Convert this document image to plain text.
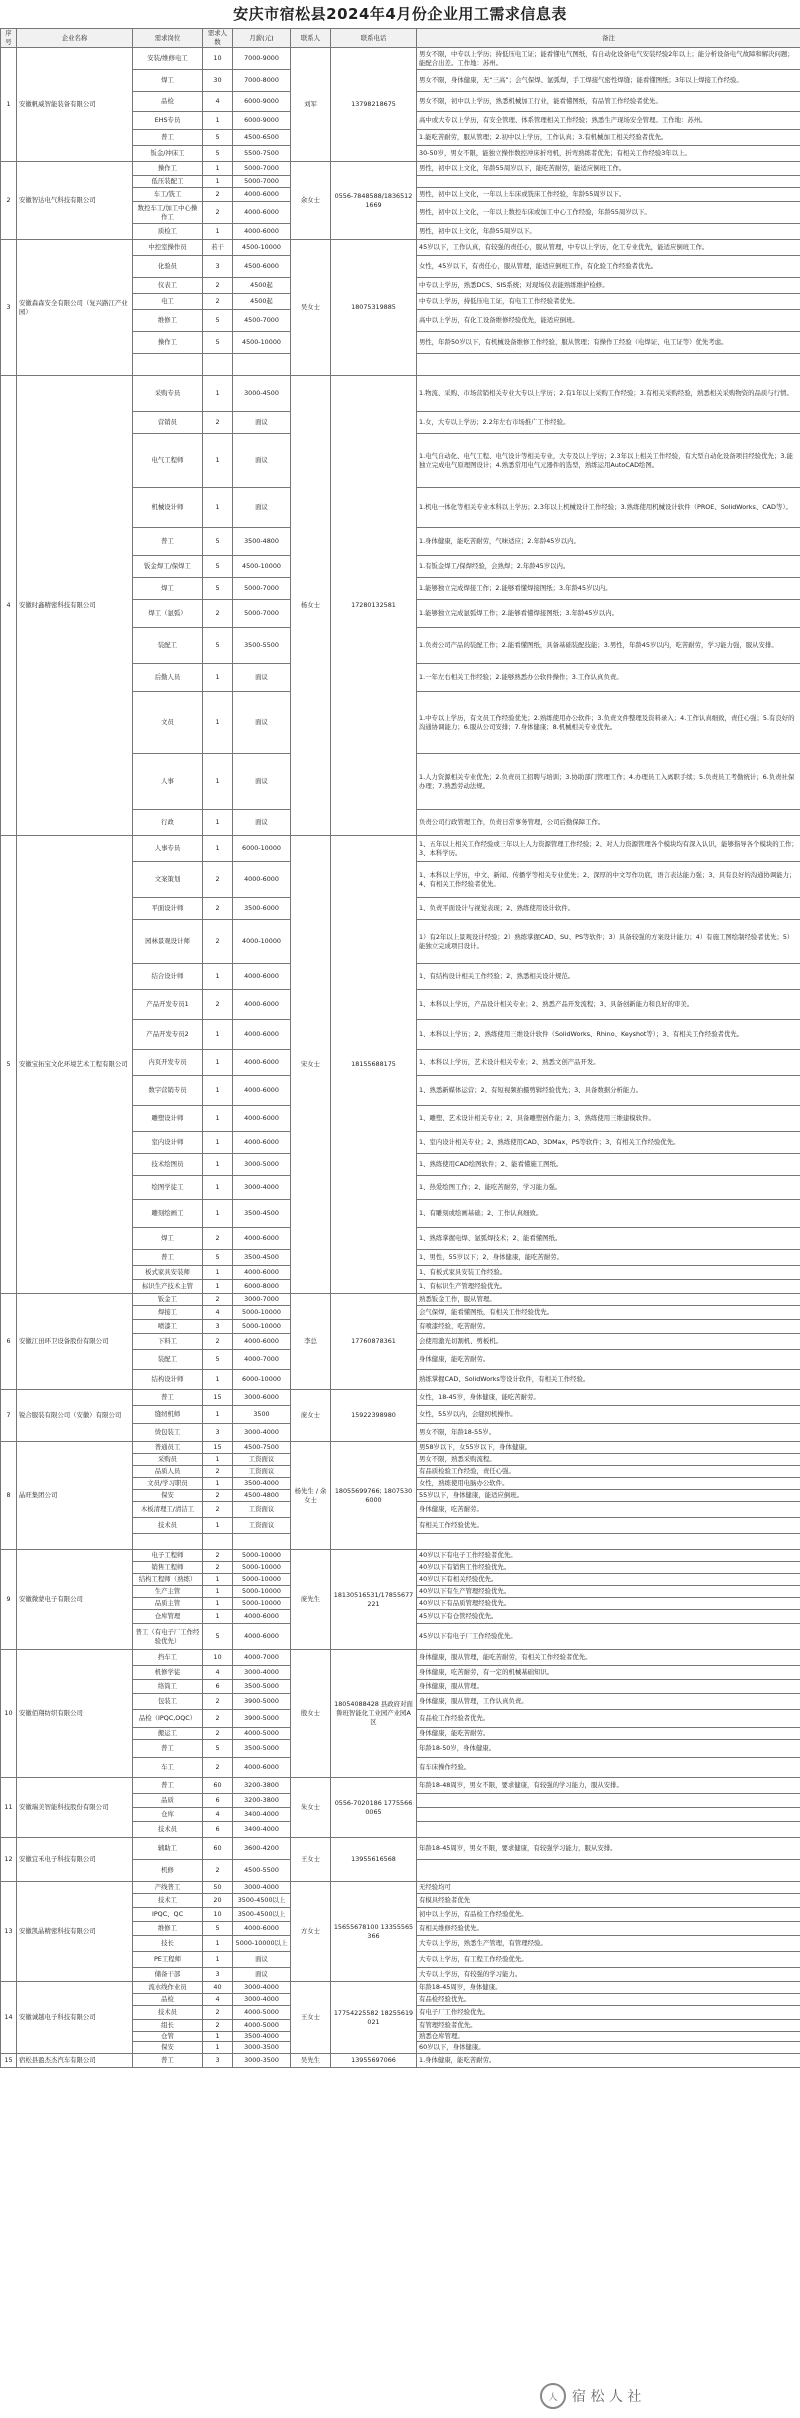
安庆市宿松县2024年4月份企业用工需求信息表
序号	企业名称	需求岗位	需求人数	月薪(元)	联系人	联系电话	备注
1	安徽帆威智能装备有限公司	安装/维修电工	10	7000-9000	刘军	13798218675	男女不限，中专以上学历；持低压电工证；能看懂电气图纸，有自动化设备电气安装经验2年以上；能分析设备电气故障和解决问题；能配合出差。工作地：苏州。
		焊工	30	7000-8000			男女不限，身体健康，无“三高”；会气保焊、氩弧焊，手工焊接气密性焊缝；能看懂图纸；3年以上焊接工作经验。
		品检	4	6000-9000			男女不限，初中以上学历，熟悉机械加工行业，能看懂图纸，有品管工作经验者优先。
		EHS专员	1	6000-9000			高中或大专以上学历，有安全管理、体系管理相关工作经验；熟悉生产现场安全管理。工作地：苏州。
		普工	5	4500-6500			1.能吃苦耐劳，服从管理；2.初中以上学历，工作认真；3.有机械加工相关经验者优先。
		钣金/冲床工	5	5500-7500			30-50岁，男女不限，能独立操作数控冲床折弯机，折弯熟练者优先；有相关工作经验3年以上。
2	安徽智达电气科技有限公司	操作工	1	5000-7000	余女士	0556-7848588/18365121669	男性，初中以上文化，年龄55周岁以下，能吃苦耐劳，能适应倒班工作。
		低压装配工	1	5000-7000			
		车工/铣工	2	4000-6000			男性，初中以上文化，一年以上车床或铣床工作经验，年龄55周岁以下。
		数控车工/加工中心操作工	2	4000-6000			男性，初中以上文化，一年以上数控车床或加工中心工作经验，年龄55周岁以下。
		质检工	1	4000-6000			男性，初中以上文化，年龄55周岁以下。
3	安徽森森安全有限公司（复兴路江产业园）	中控室操作员	若干	4500-10000	吴女士	18075319885	45岁以下，工作认真，有较强的责任心，服从管理，中专以上学历，化工专业优先，能适应倒班工作。
		化验员	3	4500-6000			女性，45岁以下，有责任心，服从管理，能适应倒班工作，有化验工作经验者优先。
		仪表工	2	4500起			中专以上学历，熟悉DCS、SIS系统；对现场仪表能熟练维护检修。
		电工	2	4500起			中专以上学历，持低压电工证，有电工工作经验者优先。
		维修工	5	4500-7000			高中以上学历，有化工设备维修经验优先，能适应倒班。
		操作工	5	4500-10000			男性，年龄50岁以下，有机械设备维修工作经验，服从管理；有操作工经验（电焊证、电工证等）优先考虑。

4	安徽时鑫精密科技有限公司	采购专员	1	3000-4500	杨女士	17280132581	1.物流、采购、市场营销相关专业大专以上学历；2.有1年以上采购工作经验；3.有相关采购经验，熟悉相关采购物资的品质与行情。
		营销员	2	面议			1.女，大专以上学历；2.2年左右市场推广工作经验。
		电气工程师	1	面议			1.电气自动化、电气工程、电气设计等相关专业，大专及以上学历；2.3年以上相关工作经验，有大型自动化设备项目经验优先；3.能独立完成电气原理图设计；4.熟悉常用电气元器件的选型，熟练运用AutoCAD绘图。
		机械设计师	1	面议			1.机电一体化等相关专业本科以上学历；2.3年以上机械设计工作经验；3.熟练使用机械设计软件（PROE、SolidWorks、CAD等）。
		普工	5	3500-4800			1.身体健康，能吃苦耐劳，气味适应；2.年龄45岁以内。
		钣金焊工/保焊工	5	4500-10000			1.有钣金焊工/保焊经验，会熟焊；2.年龄45岁以内。
		焊工	5	5000-7000			1.能够独立完成焊接工作；2.能够看懂焊接图纸；3.年龄45岁以内。
		焊工（氩弧）	2	5000-7000			1.能够独立完成氩弧焊工作；2.能够看懂焊接图纸；3.年龄45岁以内。
		装配工	5	3500-5500			1.负责公司产品的装配工作；2.能看懂图纸，具备基础装配技能；3.男性，年龄45岁以内，吃苦耐劳，学习能力强，服从安排。
		后勤人员	1	面议			1.一年左右相关工作经验；2.能够熟悉办公软件操作；3.工作认真负责。
		文员	1	面议			1.中专以上学历，有文员工作经验优先；2.熟练使用办公软件；3.负责文件整理及资料录入；4.工作认真细致，责任心强；5.有良好的沟通协调能力；6.服从公司安排；7.身体健康；8.机械相关专业优先。
		人事	1	面议			1.人力资源相关专业优先；2.负责员工招聘与培训；3.协助部门管理工作；4.办理员工入离职手续；5.负责员工考勤统计；6.负责社保办理；7.熟悉劳动法规。
		行政	1	面议			负责公司行政管理工作，负责日常事务管理，公司后勤保障工作。
5	安徽宝拓宝文化环境艺术工程有限公司	人事专员	1	6000-10000	宋女士	18155688175	1、五年以上相关工作经验或三年以上人力资源管理工作经验；2、对人力资源管理各个模块均有深入认识，能够指导各个模块的工作；3、本科学历。
		文案策划	2	4000-6000			1、本科以上学历，中文、新闻、传播学等相关专业优先；2、深厚的中文写作功底，语言表达能力强；3、具有良好的沟通协调能力；4、有相关工作经验者优先。
		平面设计师	2	3500-6000			1、负责平面设计与视觉表现；2、熟练使用设计软件。
		园林景观设计师	2	4000-10000			1）有2年以上景观设计经验；2）熟练掌握CAD、SU、PS等软件；3）具备较强的方案设计能力；4）有施工图绘制经验者优先；5）能独立完成项目设计。
		结合设计师	1	4000-6000			1、有结构设计相关工作经验；2、熟悉相关设计规范。
		产品开发专员1	2	4000-6000			1、本科以上学历，产品设计相关专业；2、熟悉产品开发流程；3、具备创新能力和良好的审美。
		产品开发专员2	1	4000-6000			1、本科以上学历；2、熟练使用三维设计软件（SolidWorks、Rhino、Keyshot等）；3、有相关工作经验者优先。
		内页开发专员	1	4000-6000			1、本科以上学历，艺术设计相关专业；2、熟悉文创产品开发。
		数字营销专员	1	4000-6000			1、熟悉新媒体运营；2、有短视频拍摄剪辑经验优先；3、具备数据分析能力。
		雕塑设计师	1	4000-6000			1、雕塑、艺术设计相关专业；2、具备雕塑创作能力；3、熟练使用三维建模软件。
		室内设计师	1	4000-6000			1、室内设计相关专业；2、熟练使用CAD、3DMax、PS等软件；3、有相关工作经验优先。
		技术绘图员	1	3000-5000			1、熟练使用CAD绘图软件；2、能看懂施工图纸。
		绘图学徒工	1	3000-4000			1、热爱绘图工作；2、能吃苦耐劳，学习能力强。
		雕刻绘画工	1	3500-4500			1、有雕刻或绘画基础；2、工作认真细致。
		焊工	2	4000-6000			1、熟练掌握电焊、氩弧焊技术；2、能看懂图纸。
		普工	5	3500-4500			1、男性，55岁以下；2、身体健康，能吃苦耐劳。
		板式家具安装师	1	4000-6000			1、有板式家具安装工作经验。
		标识生产技术主管	1	6000-8000			1、有标识生产管理经验优先。
6	安徽江田环卫设备股份有限公司	钣金工	2	3000-7000	李总	17760878361	熟悉钣金工作，服从管理。
		焊接工	4	5000-10000			会气保焊，能看懂图纸，有相关工作经验优先。
		喷漆工	3	5000-10000			有喷漆经验，吃苦耐劳。
		下料工	2	4000-6000			会使用激光切割机、剪板机。
		装配工	5	4000-7000			身体健康，能吃苦耐劳。
		结构设计师	1	6000-10000			熟练掌握CAD、SolidWorks等设计软件，有相关工作经验。
7	锐合服装有限公司（安徽）有限公司	普工	15	3000-6000	庞女士	15922398980	女性，18-45岁，身体健康，能吃苦耐劳。
		缝纫机师	1	3500			女性，55岁以内，会缝纫机操作。
		烫包装工	3	3000-4000			男女不限，年龄18-55岁。
8	晶旺集团公司	普通员工	15	4500-7500	杨先生 / 余女士	18055699766; 18075306000	男58岁以下，女55岁以下，身体健康。
		采购员	1	工资面议			男女不限，熟悉采购流程。
		品质人员	2	工资面议			有品质检验工作经验，责任心强。
		文员/学习职员	1	3500-4000			女性，熟练使用电脑办公软件。
		保安	2	4500-4800			55岁以下，身体健康，能适应倒班。
		木板清理工/清洁工	2	工资面议			身体健康，吃苦耐劳。
		技术员	1	工资面议			有相关工作经验优先。

9	安徽微蒙电子有限公司	电子工程师	2	5000-10000	庞先生	18130516531/17855677221	40岁以下有电子工作经验者优先。
		销售工程师	2	5000-10000			40岁以下有销售工作经验优先。
		结构工程师（熟练）	1	5000-10000			40岁以下有相关经验优先。
		生产主管	1	5000-10000			40岁以下有生产管理经验优先。
		品质主管	1	5000-10000			40岁以下有品质管理经验优先。
		仓库管理	1	4000-6000			45岁以下有仓管经验优先。
		普工（有电子厂工作经验优先）	5	4000-6000			45岁以下有电子厂工作经验优先。
10	安徽佰翔纺织有限公司	挡车工	10	4000-7000	殷女士	18054088428 县政府对面鲁班智能化工业园产业园A区	身体健康，服从管理，能吃苦耐劳，有相关工作经验者优先。
		机修学徒	4	3000-4000			身体健康，吃苦耐劳，有一定的机械基础知识。
		络筒工	6	3500-5000			身体健康，服从管理。
		包装工	2	3900-5000			身体健康，服从管理，工作认真负责。
		品检（IPQC,OQC）	2	3900-5000			有品检工作经验者优先。
		搬运工	2	4000-5000			身体健康，能吃苦耐劳。
		普工	5	3500-5000			年龄18-50岁，身体健康。
		车工	2	4000-6000			有车床操作经验。
11	安徽瑞美智能科技股份有限公司	普工	60	3200-3800	朱女士	0556-7020186 17755660065	年龄18-48周岁，男女不限，要求健康，有较强的学习能力，服从安排。
		品质	6	3200-3800			
		仓库	4	3400-4000			
		技术员	6	3400-4000			
12	安徽宜禾电子科技有限公司	辅助工	60	3600-4200	王女士	13955616568	年龄18-45周岁，男女不限，要求健康，有较强学习能力，服从安排。
		机修	2	4500-5500			
13	安徽凯晶精密科技有限公司	产线普工	50	3000-4000	方女士	15655678100 13355565366	无经验均可
		技术工	20	3500-4500以上			有模具经验者优先
		IPQC、QC	10	3500-4500以上			初中以上学历，有品检工作经验优先。
		维修工	5	4000-6000			有相关维修经验优先。
		技长	1	5000-10000以上			大专以上学历，熟悉生产管理，有管理经验。
		PE工程师	1	面议			大专以上学历，有工程工作经验优先。
		储备干部	3	面议			大专以上学历，有较强的学习能力。
14	安徽诚越电子科技有限公司	流水线作业员	40	3000-4000	王女士	17754225582 18255619021	年龄18-45周岁，身体健康。
		品检	4	3000-4000			有品检经验优先。
		技术员	2	4000-5000			有电子厂工作经验优先。
		组长	2	4000-5000			有管理经验者优先。
		仓管	1	3500-4000			熟悉仓库管理。
		保安	1	3000-3500			60岁以下，身体健康。
15	宿松县盈杰杰汽车有限公司	普工	3	3000-3500	吴先生	13955697066	1.身体健康，能吃苦耐劳。
人	宿 松 人 社
